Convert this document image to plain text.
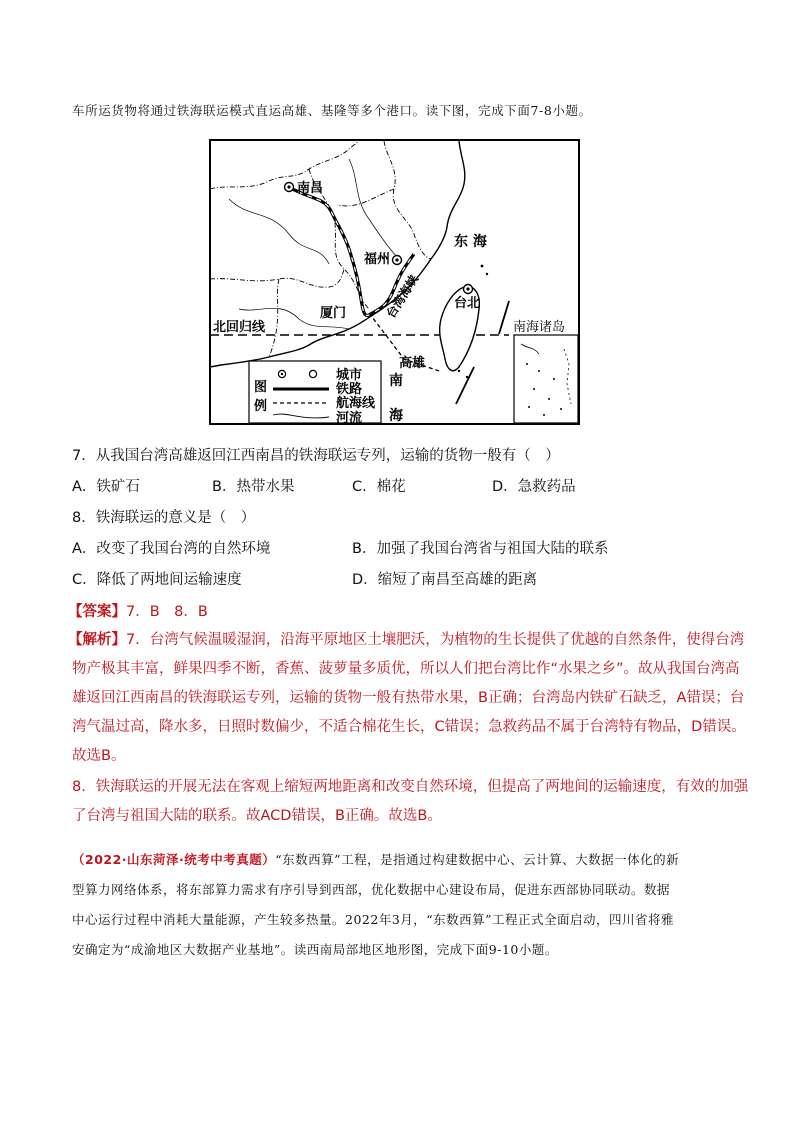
车所运货物将通过铁海联运模式直运高雄、基隆等多个港口。读下图，完成下面7-8小题。
南昌
福州
厦门
台北
高雄
东 海
台湾海峡
北回归线	南海诸岛
南
海
图
例
城市
铁路
航海线
河流
7．从我国台湾高雄返回江西南昌的铁海联运专列，运输的货物一般有（　）
A．铁矿石	B．热带水果	C．棉花	D．急救药品
8．铁海联运的意义是（　）
A．改变了我国台湾的自然环境	B．加强了我国台湾省与祖国大陆的联系
C．降低了两地间运输速度	D．缩短了南昌至高雄的距离
【答案】7．B　8．B
【解析】7．台湾气候温暖湿润，沿海平原地区土壤肥沃，为植物的生长提供了优越的自然条件，使得台湾
物产极其丰富，鲜果四季不断，香蕉、菠萝量多质优，所以人们把台湾比作“水果之乡”。故从我国台湾高
雄返回江西南昌的铁海联运专列，运输的货物一般有热带水果，B正确；台湾岛内铁矿石缺乏，A错误；台
湾气温过高，降水多，日照时数偏少，不适合棉花生长，C错误；急救药品不属于台湾特有物品，D错误。
故选B。
8．铁海联运的开展无法在客观上缩短两地距离和改变自然环境，但提高了两地间的运输速度，有效的加强
了台湾与祖国大陆的联系。故ACD错误，B正确。故选B。
（2022·山东菏泽·统考中考真题）“东数西算”工程，是指通过构建数据中心、云计算、大数据一体化的新
型算力网络体系，将东部算力需求有序引导到西部，优化数据中心建设布局，促进东西部协同联动。数据
中心运行过程中消耗大量能源，产生较多热量。2022年3月，“东数西算”工程正式全面启动，四川省将雅
安确定为“成渝地区大数据产业基地”。读西南局部地区地形图，完成下面9-10小题。
